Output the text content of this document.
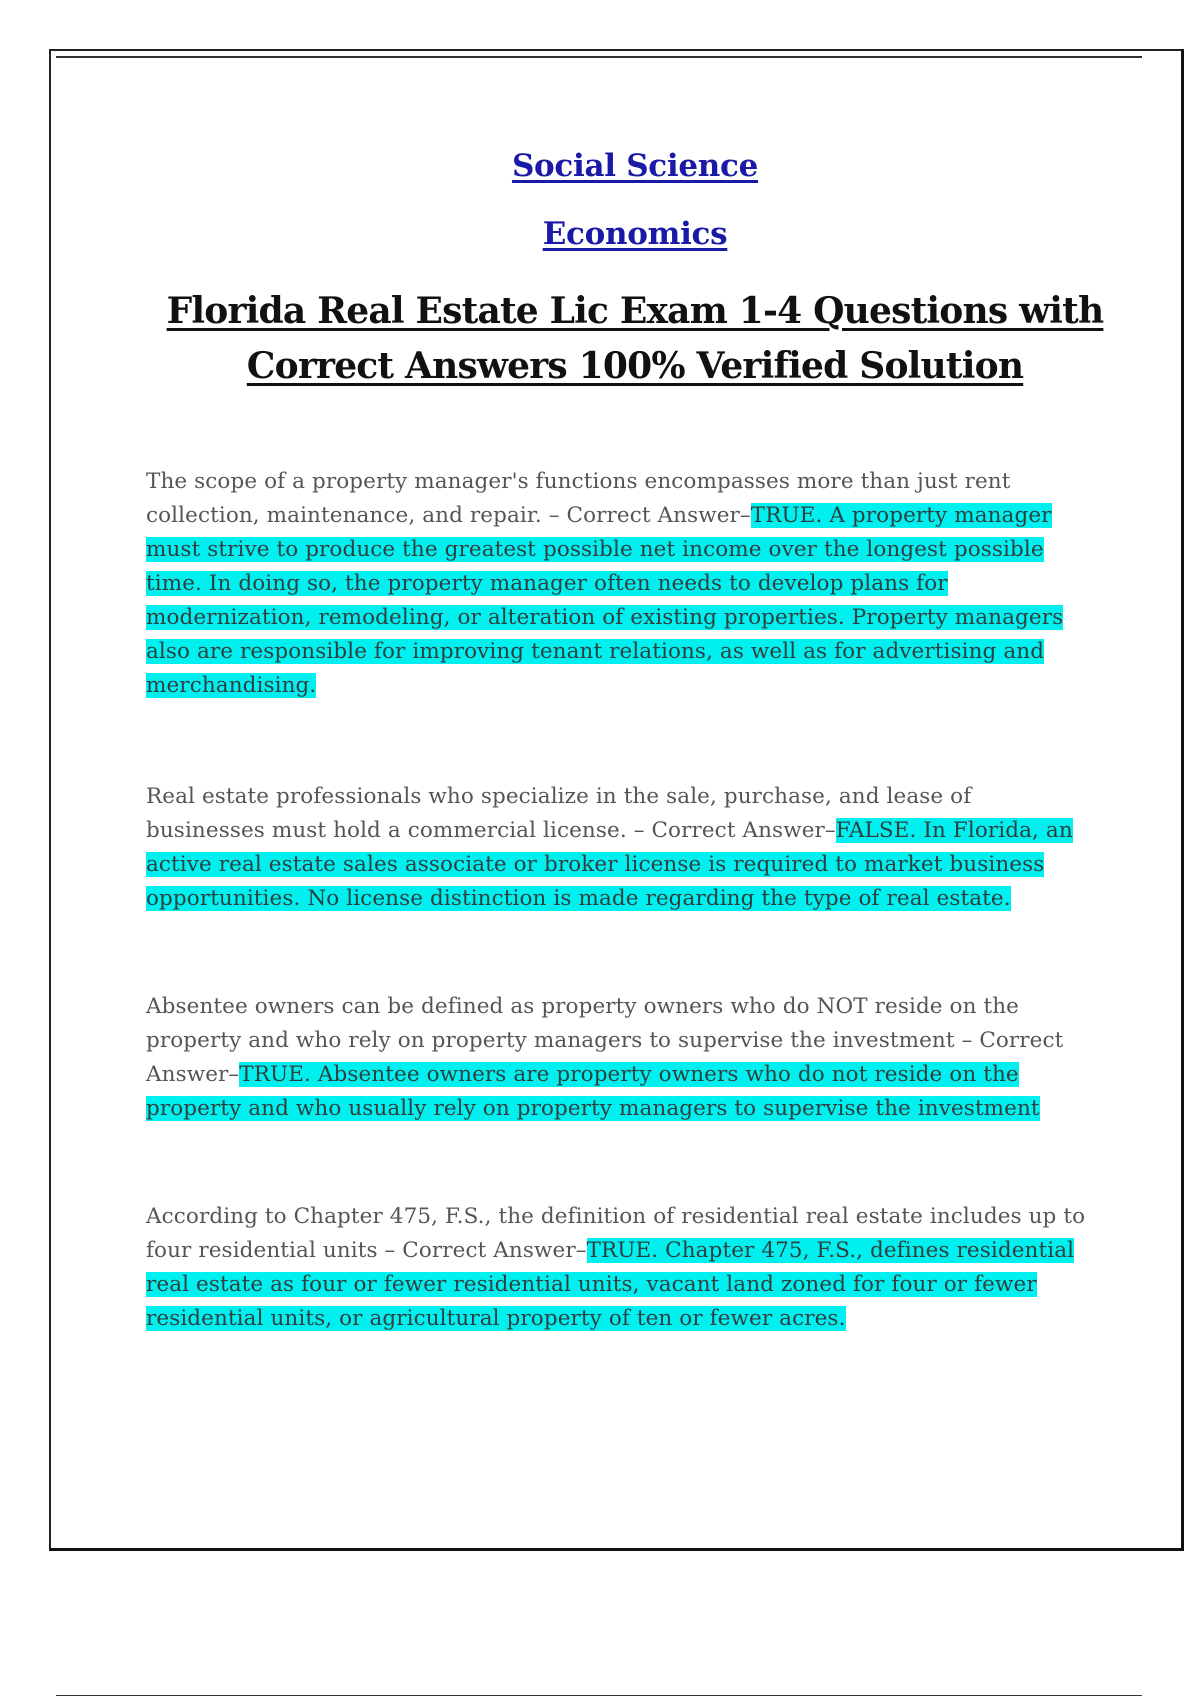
Social Science
Economics
Florida Real Estate Lic Exam 1-4 Questions with Correct Answers 100% Verified Solution
The scope of a property manager's functions encompasses more than just rent collection, maintenance, and repair. – Correct Answer–TRUE. A property manager must strive to produce the greatest possible net income over the longest possible time. In doing so, the property manager often needs to develop plans for modernization, remodeling, or alteration of existing properties. Property managers also are responsible for improving tenant relations, as well as for advertising and merchandising.
Real estate professionals who specialize in the sale, purchase, and lease of businesses must hold a commercial license. – Correct Answer–FALSE. In Florida, an active real estate sales associate or broker license is required to market business opportunities. No license distinction is made regarding the type of real estate.
Absentee owners can be defined as property owners who do NOT reside on the property and who rely on property managers to supervise the investment – Correct Answer–TRUE. Absentee owners are property owners who do not reside on the property and who usually rely on property managers to supervise the investment
According to Chapter 475, F.S., the definition of residential real estate includes up to four residential units – Correct Answer–TRUE. Chapter 475, F.S., defines residential real estate as four or fewer residential units, vacant land zoned for four or fewer residential units, or agricultural property of ten or fewer acres.
